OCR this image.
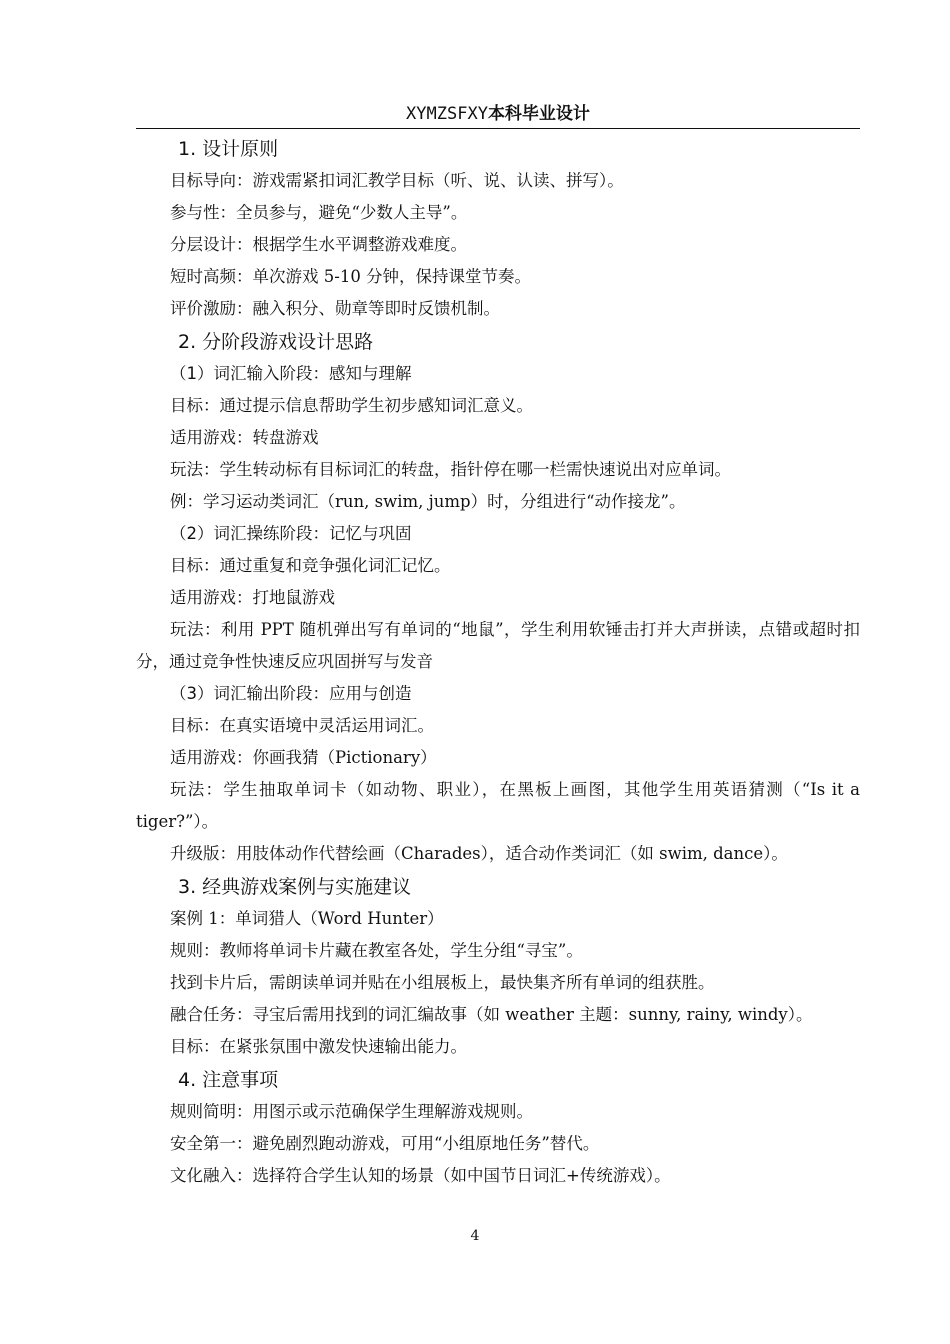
XYMZSFXY本科毕业设计
1. 设计原则

目标导向：游戏需紧扣词汇教学目标（听、说、认读、拼写）。

参与性：全员参与，避免“少数人主导”。

分层设计：根据学生水平调整游戏难度。

短时高频：单次游戏 5-10 分钟，保持课堂节奏。

评价激励：融入积分、勋章等即时反馈机制。

2. 分阶段游戏设计思路
（1）词汇输入阶段：感知与理解

目标：通过提示信息帮助学生初步感知词汇意义。

适用游戏：转盘游戏

玩法：学生转动标有目标词汇的转盘，指针停在哪一栏需快速说出对应单词。

例：学习运动类词汇（run, swim, jump）时，分组进行“动作接龙”。

（2）词汇操练阶段：记忆与巩固

目标：通过重复和竞争强化词汇记忆。

适用游戏：打地鼠游戏

玩法：利用 PPT 随机弹出写有单词的“地鼠”，学生利用软锤击打并大声拼读，点错或超时扣分，通过竞争性快速反应巩固拼写与发音

（3）词汇输出阶段：应用与创造

目标：在真实语境中灵活运用词汇。

适用游戏：你画我猜（Pictionary）

玩法：学生抽取单词卡（如动物、职业），在黑板上画图，其他学生用英语猜测（“Is it a tiger?”）。

升级版：用肢体动作代替绘画（Charades），适合动作类词汇（如 swim, dance）。

3. 经典游戏案例与实施建议

案例 1：单词猎人（Word Hunter）

规则：教师将单词卡片藏在教室各处，学生分组“寻宝”。

找到卡片后，需朗读单词并贴在小组展板上，最快集齐所有单词的组获胜。

融合任务：寻宝后需用找到的词汇编故事（如 weather 主题：sunny, rainy, windy）。

目标：在紧张氛围中激发快速输出能力。

4. 注意事项

规则简明：用图示或示范确保学生理解游戏规则。

安全第一：避免剧烈跑动游戏，可用“小组原地任务”替代。

文化融入：选择符合学生认知的场景（如中国节日词汇+传统游戏）。

4
